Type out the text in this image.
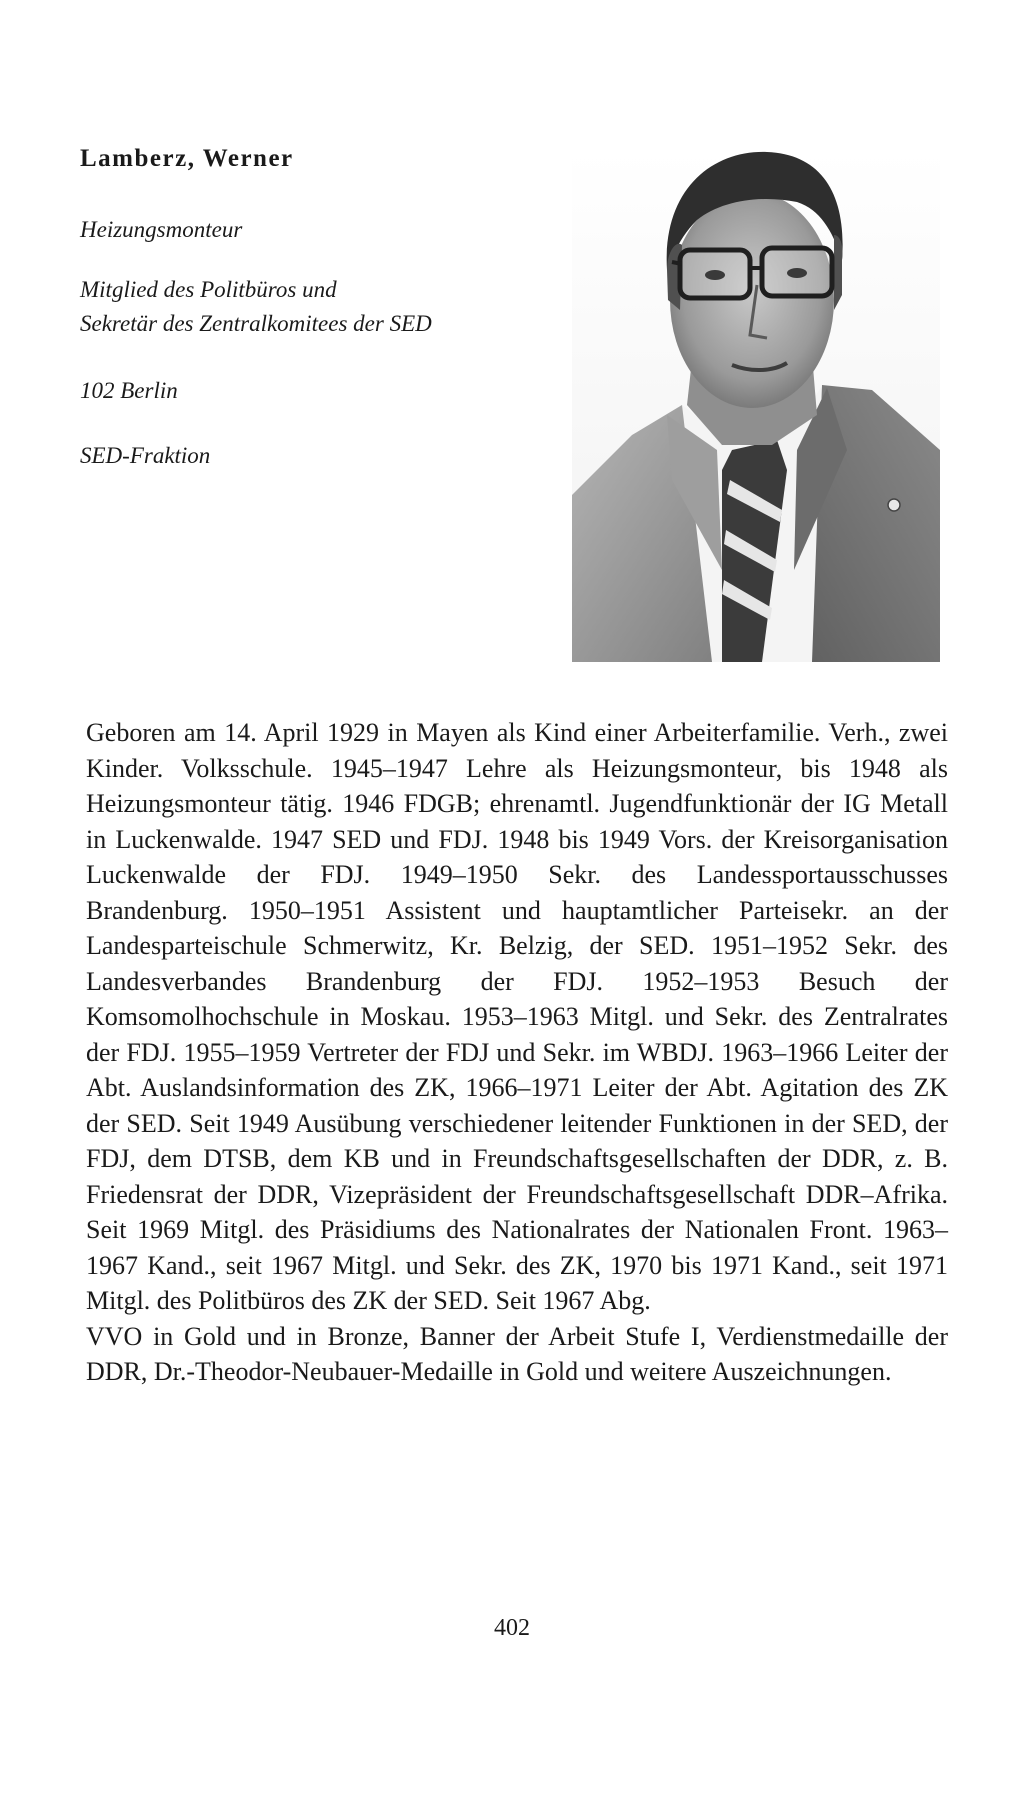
Lamberz, Werner

Heizungsmonteur

Mitglied des Politbüros und
Sekretär des Zentralkomitees der SED

102 Berlin

SED-Fraktion

Geboren am 14. April 1929 in Mayen als Kind einer Arbeiterfamilie. Verh., zwei Kinder. Volksschule. 1945–1947 Lehre als Heizungsmonteur, bis 1948 als Heizungsmonteur tätig. 1946 FDGB; ehrenamtl. Jugendfunktionär der IG Metall in Luckenwalde. 1947 SED und FDJ. 1948 bis 1949 Vors. der Kreisorganisation Luckenwalde der FDJ. 1949–1950 Sekr. des Landessportausschusses Brandenburg. 1950–1951 Assistent und hauptamtlicher Parteisekr. an der Landesparteischule Schmerwitz, Kr. Belzig, der SED. 1951–1952 Sekr. des Landesverbandes Brandenburg der FDJ. 1952–1953 Besuch der Komsomolhochschule in Moskau. 1953–1963 Mitgl. und Sekr. des Zentralrates der FDJ. 1955–1959 Vertreter der FDJ und Sekr. im WBDJ. 1963–1966 Leiter der Abt. Auslandsinformation des ZK, 1966–1971 Leiter der Abt. Agitation des ZK der SED. Seit 1949 Ausübung verschiedener leitender Funktionen in der SED, der FDJ, dem DTSB, dem KB und in Freundschaftsgesellschaften der DDR, z. B. Friedensrat der DDR, Vizepräsident der Freundschaftsgesellschaft DDR–Afrika. Seit 1969 Mitgl. des Präsidiums des Nationalrates der Nationalen Front. 1963–1967 Kand., seit 1967 Mitgl. und Sekr. des ZK, 1970 bis 1971 Kand., seit 1971 Mitgl. des Politbüros des ZK der SED. Seit 1967 Abg.

VVO in Gold und in Bronze, Banner der Arbeit Stufe I, Verdienstmedaille der DDR, Dr.-Theodor-Neubauer-Medaille in Gold und weitere Auszeichnungen.

402
